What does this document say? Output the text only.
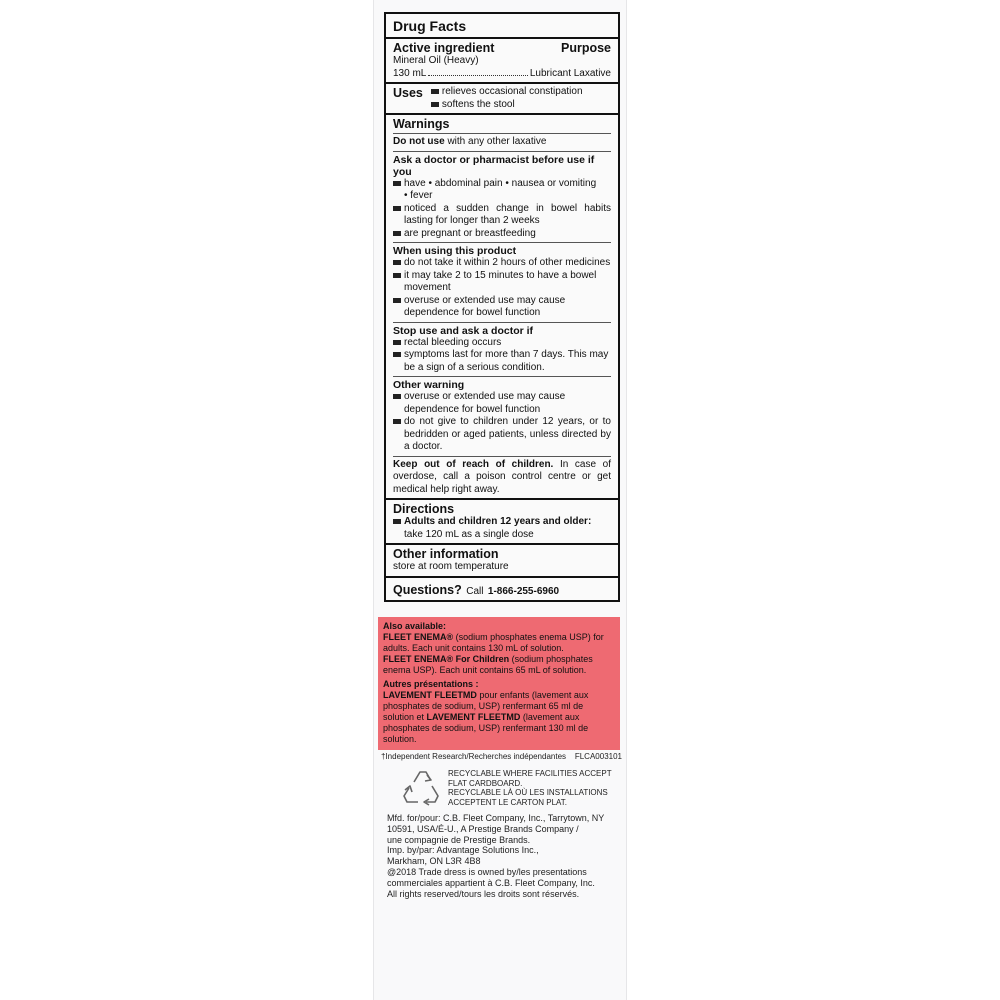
Drug Facts
Active ingredient	Purpose
Mineral Oil (Heavy)
130 mL	Lubricant Laxative
Uses relieves occasional constipation
softens the stool
Warnings
Do not use with any other laxative
Ask a doctor or pharmacist before use if you
have • abdominal pain • nausea or vomiting
• fever
noticed a sudden change in bowel habits lasting for longer than 2 weeks
are pregnant or breastfeeding
When using this product
do not take it within 2 hours of other medicines
it may take 2 to 15 minutes to have a bowel movement
overuse or extended use may cause dependence for bowel function
Stop use and ask a doctor if
rectal bleeding occurs
symptoms last for more than 7 days. This may be a sign of a serious condition.
Other warning
overuse or extended use may cause dependence for bowel function
do not give to children under 12 years, or to bedridden or aged patients, unless directed by a doctor.
Keep out of reach of children. In case of overdose, call a poison control centre or get medical help right away.
Directions
Adults and children 12 years and older: take 120 mL as a single dose
Other information
store at room temperature
Questions? Call 1-866-255-6960
Also available:
FLEET ENEMA® (sodium phosphates enema USP) for adults. Each unit contains 130 mL of solution.
FLEET ENEMA® For Children (sodium phosphates enema USP). Each unit contains 65 mL of solution.
Autres présentations :
LAVEMENT FLEETMD pour enfants (lavement aux phosphates de sodium, USP) renfermant 65 ml de solution et LAVEMENT FLEETMD (lavement aux phosphates de sodium, USP) renfermant 130 ml de solution.
†Independent Research/Recherches indépendantes FLCA003101
RECYCLABLE WHERE FACILITIES ACCEPT FLAT CARDBOARD.
RECYCLABLE LÀ OÙ LES INSTALLATIONS ACCEPTENT LE CARTON PLAT.
Mfd. for/pour: C.B. Fleet Company, Inc., Tarrytown, NY
10591, USA/É-U., A Prestige Brands Company /
une compagnie de Prestige Brands.
Imp. by/par: Advantage Solutions Inc.,
Markham, ON L3R 4B8
@2018 Trade dress is owned by/les presentations
commerciales appartient à C.B. Fleet Company, Inc.
All rights reserved/tours les droits sont réservés.
